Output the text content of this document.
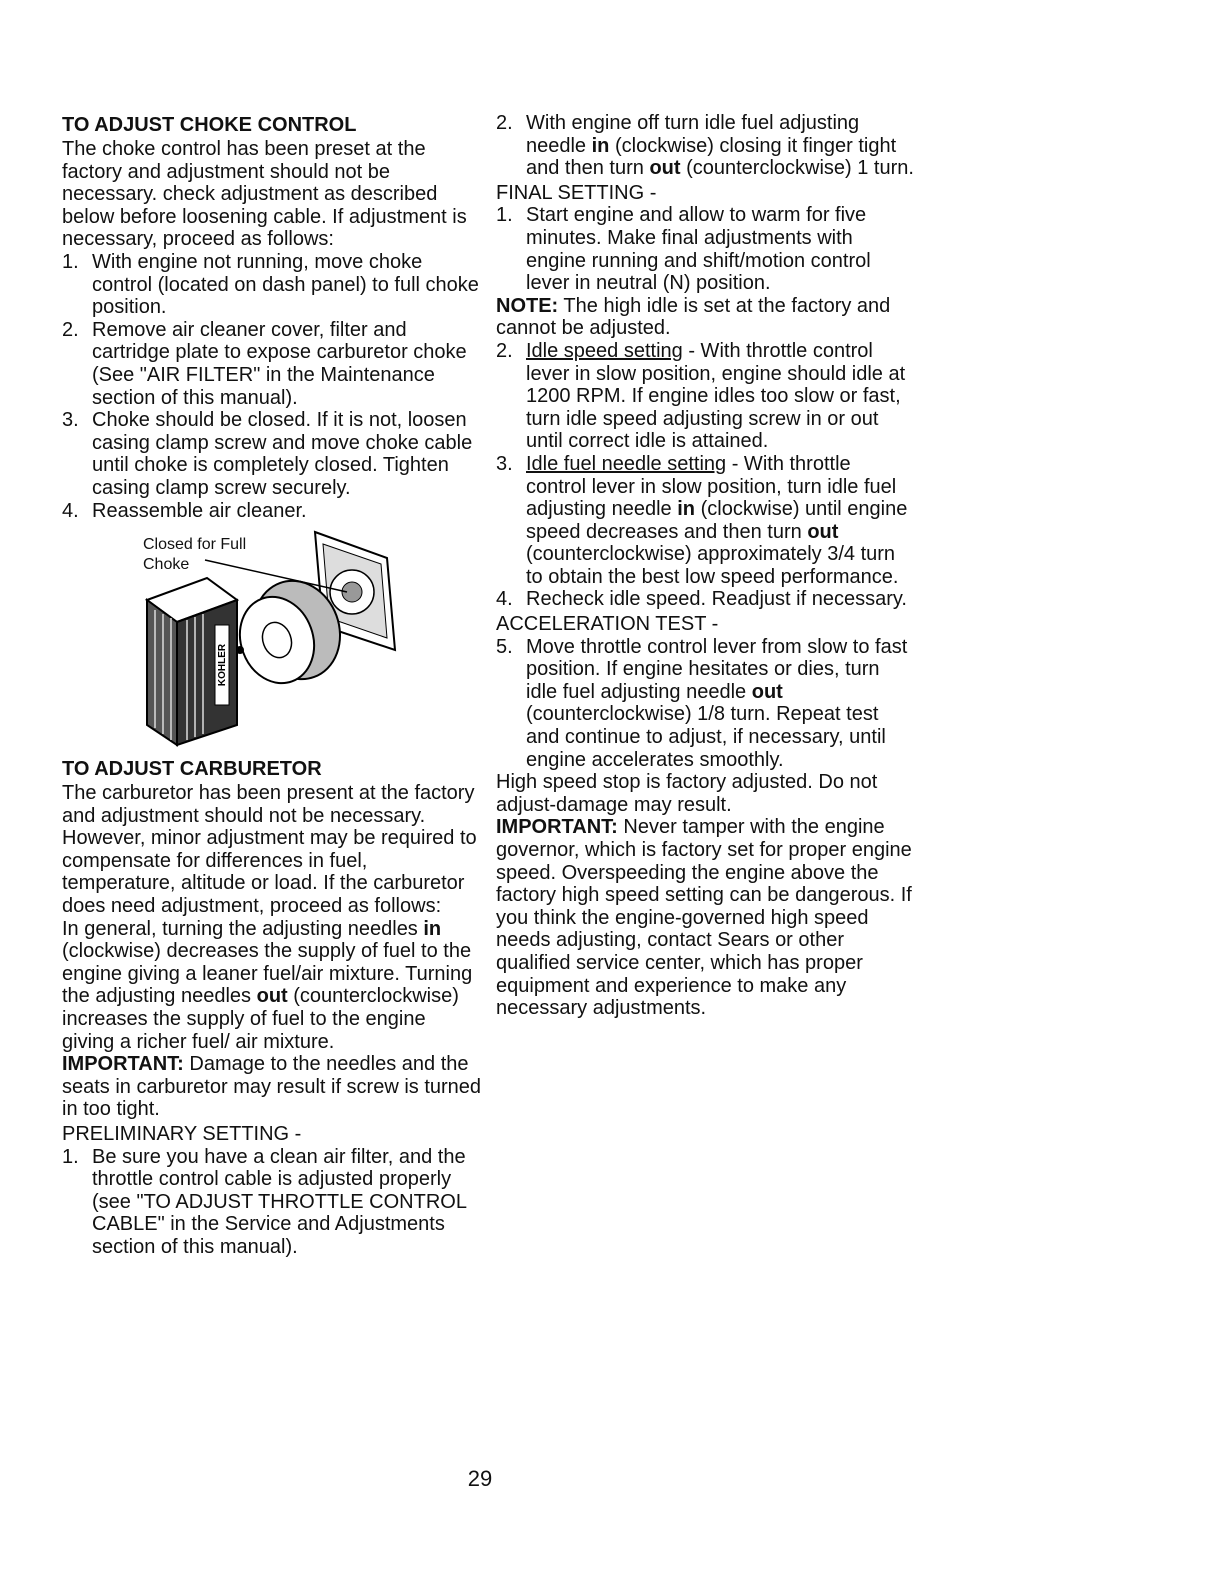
TO ADJUST CHOKE CONTROL

The choke control has been preset at the factory and adjustment should not be necessary. check adjustment as described below before loosening cable. If adjustment is necessary, proceed as follows:

1. With engine not running, move choke control (located on dash panel) to full choke position.
2. Remove air cleaner cover, filter and cartridge plate to expose carburetor choke (See "AIR FILTER" in the Maintenance section of this manual).
3. Choke should be closed. If it is not, loosen casing clamp screw and move choke cable until choke is completely closed. Tighten casing clamp screw securely.
4. Reassemble air cleaner.
KOHLER
Closed for Full
Choke
TO ADJUST CARBURETOR

The carburetor has been present at the factory and adjustment should not be necessary. However, minor adjustment may be required to compensate for differences in fuel, temperature, altitude or load. If the carburetor does need adjustment, proceed as follows:

In general, turning the adjusting needles in (clockwise) decreases the supply of fuel to the engine giving a leaner fuel/air mixture. Turning the adjusting needles out (counterclockwise) increases the supply of fuel to the engine giving a richer fuel/ air mixture.

IMPORTANT: Damage to the needles and the seats in carburetor may result if screw is turned in too tight.

PRELIMINARY SETTING -

1. Be sure you have a clean air filter, and the throttle control cable is adjusted properly (see "TO ADJUST THROTTLE CONTROL CABLE" in the Service and Adjustments section of this manual).
2. With engine off turn idle fuel adjusting needle in (clockwise) closing it finger tight and then turn out (counterclockwise) 1 turn.

FINAL SETTING -

1. Start engine and allow to warm for five minutes. Make final adjustments with engine running and shift/motion control lever in neutral (N) position.

NOTE: The high idle is set at the factory and cannot be adjusted.

2. Idle speed setting - With throttle control lever in slow position, engine should idle at 1200 RPM. If engine idles too slow or fast, turn idle speed adjusting screw in or out until correct idle is attained.
3. Idle fuel needle setting - With throttle control lever in slow position, turn idle fuel adjusting needle in (clockwise) until engine speed decreases and then turn out (counterclockwise) approximately 3/4 turn to obtain the best low speed performance.
4. Recheck idle speed. Readjust if necessary.

ACCELERATION TEST -

5. Move throttle control lever from slow to fast position. If engine hesitates or dies, turn idle fuel adjusting needle out (counterclockwise) 1/8 turn. Repeat test and continue to adjust, if necessary, until engine accelerates smoothly.

High speed stop is factory adjusted. Do not adjust-damage may result.

IMPORTANT: Never tamper with the engine governor, which is factory set for proper engine speed. Overspeeding the engine above the factory high speed setting can be dangerous. If you think the engine-governed high speed needs adjusting, contact Sears or other qualified service center, which has proper equipment and experience to make any necessary adjustments.

29
